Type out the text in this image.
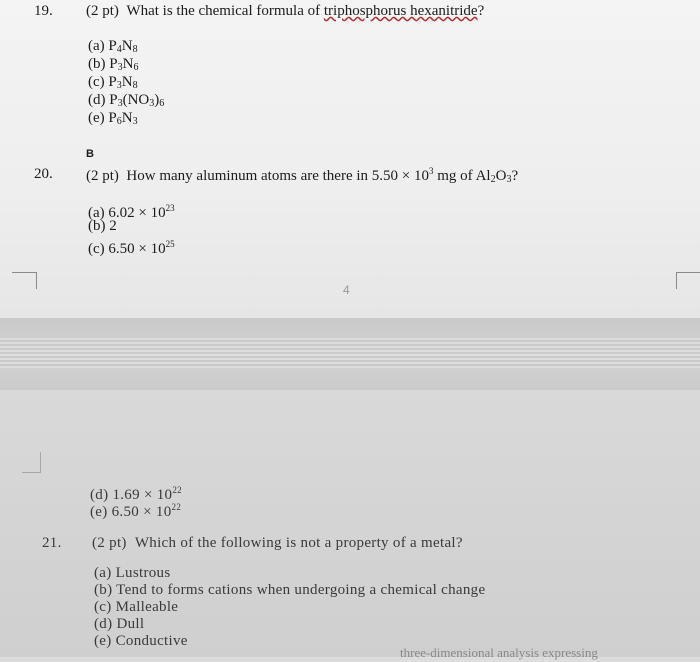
19. (2 pt) What is the chemical formula of triphosphorus hexanitride?
(a) $P_4N_8$
(b) $P_3N_6$
(c) $P_3N_8$
(d) $P_3(NO_3)_6$
(e) $P_6N_3$
B
20. (2 pt) How many aluminum atoms are there in $5.50 \times 10^3$ mg of $Al_2O_3$?
(a) $6.02 \times 10^{23}$
(b) 2
(c) $6.50 \times 10^{25}$
4
(d) $1.69 \times 10^{22}$
(e) $6.50 \times 10^{22}$
21. (2 pt) Which of the following is not a property of a metal?
(a) Lustrous
(b) Tend to forms cations when undergoing a chemical change
(c) Malleable
(d) Dull
(e) Conductive
three-dimensional analysis expressing
